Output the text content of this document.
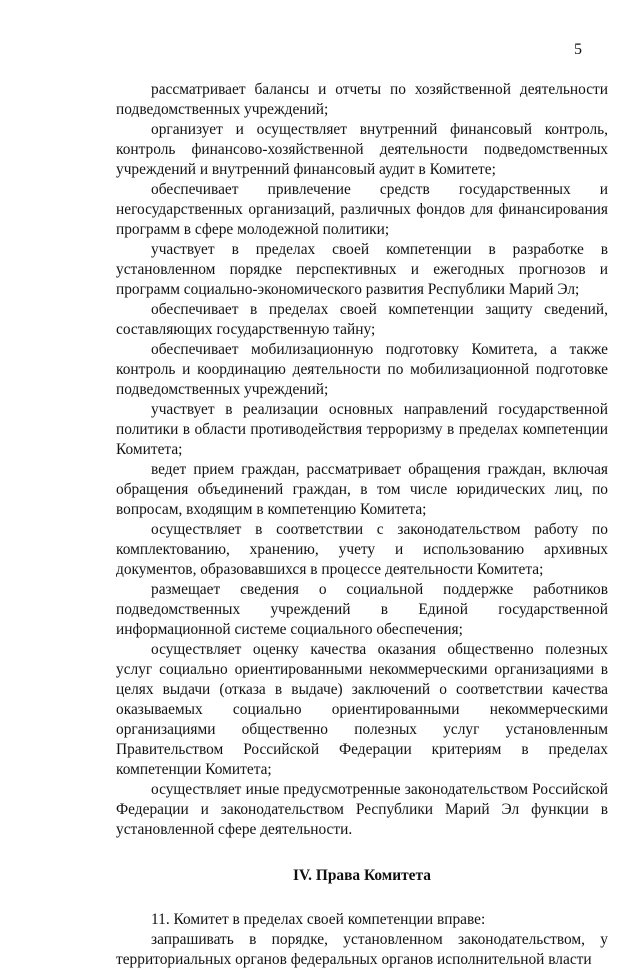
5

рассматривает балансы и отчеты по хозяйственной деятельности подведомственных учреждений;

организует и осуществляет внутренний финансовый контроль, контроль финансово-хозяйственной деятельности подведомственных учреждений и внутренний финансовый аудит в Комитете;

обеспечивает привлечение средств государственных и негосударственных организаций, различных фондов для финансирования программ в сфере молодежной политики;

участвует в пределах своей компетенции в разработке в установленном порядке перспективных и ежегодных прогнозов и программ социально-экономического развития Республики Марий Эл;

обеспечивает в пределах своей компетенции защиту сведений, составляющих государственную тайну;

обеспечивает мобилизационную подготовку Комитета, а также контроль и координацию деятельности по мобилизационной подготовке подведомственных учреждений;

участвует в реализации основных направлений государственной политики в области противодействия терроризму в пределах компетенции Комитета;

ведет прием граждан, рассматривает обращения граждан, включая обращения объединений граждан, в том числе юридических лиц, по вопросам, входящим в компетенцию Комитета;

осуществляет в соответствии с законодательством работу по комплектованию, хранению, учету и использованию архивных документов, образовавшихся в процессе деятельности Комитета;

размещает сведения о социальной поддержке работников подведомственных учреждений в Единой государственной информационной системе социального обеспечения;

осуществляет оценку качества оказания общественно полезных услуг социально ориентированными некоммерческими организациями в целях выдачи (отказа в выдаче) заключений о соответствии качества оказываемых социально ориентированными некоммерческими организациями общественно полезных услуг установленным Правительством Российской Федерации критериям в пределах компетенции Комитета;

осуществляет иные предусмотренные законодательством Российской Федерации и законодательством Республики Марий Эл функции в установленной сфере деятельности.

IV. Права Комитета

11. Комитет в пределах своей компетенции вправе:

запрашивать в порядке, установленном законодательством, у территориальных органов федеральных органов исполнительной власти
